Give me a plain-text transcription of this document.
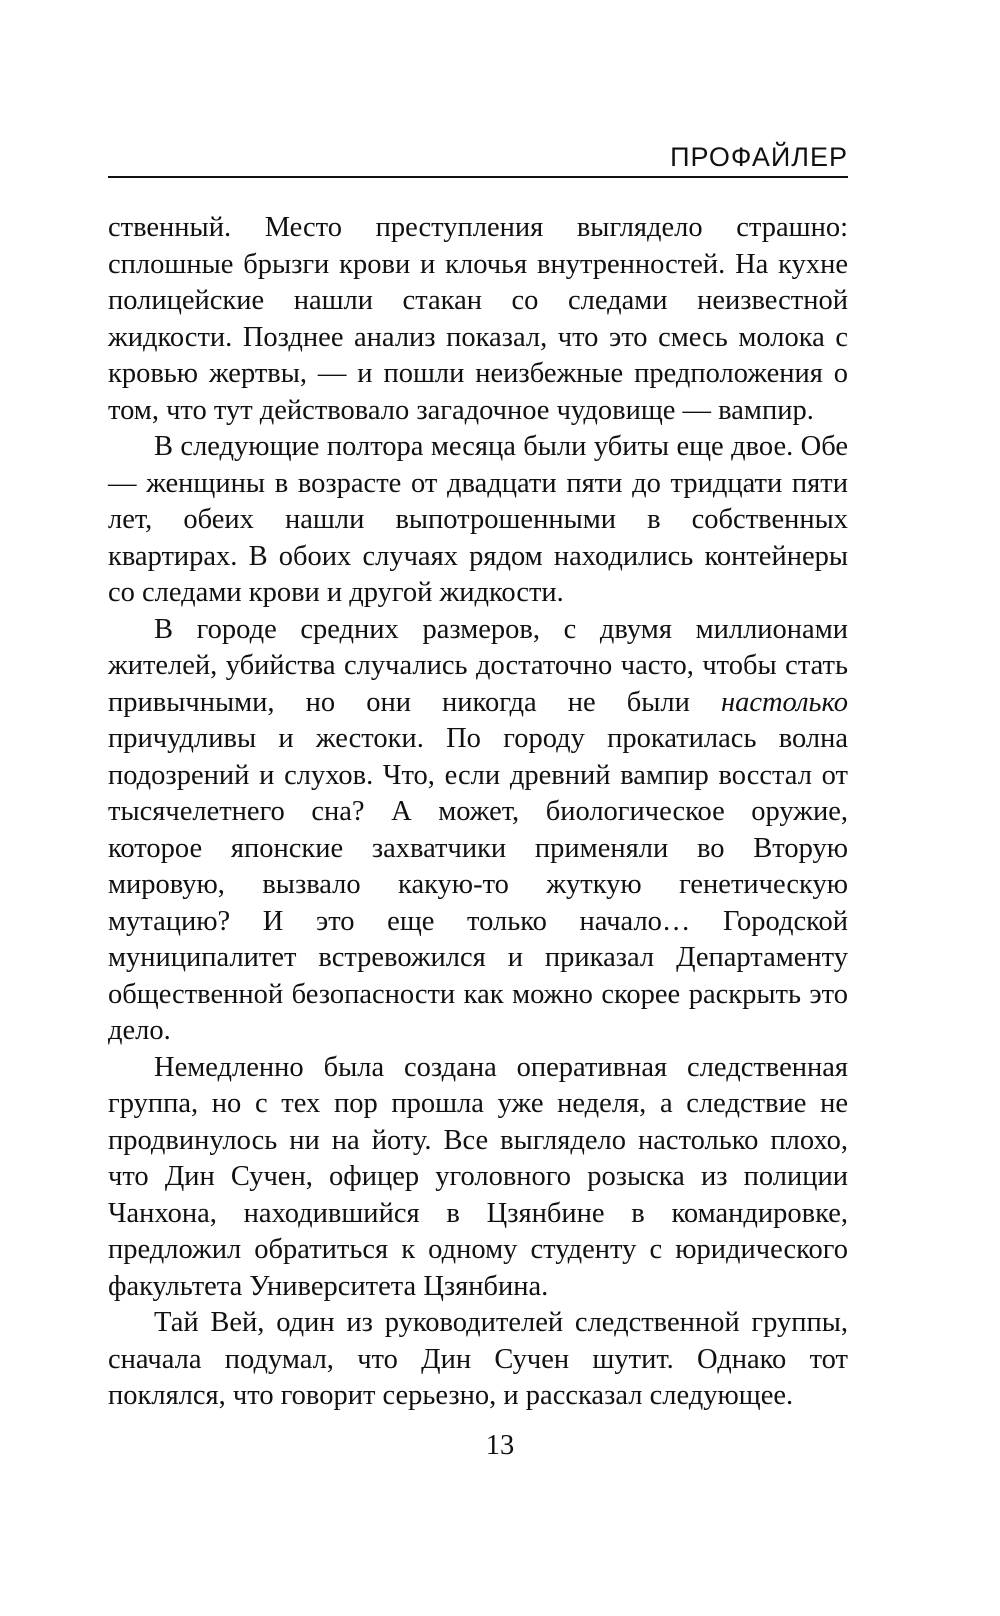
ПРОФАЙЛЕР

ственный. Место преступления выглядело страшно: сплошные брызги крови и клочья внутренностей. На кухне полицейские нашли стакан со следами неизвестной жидкости. Позднее анализ показал, что это смесь молока с кровью жертвы, — и пошли неизбежные предположения о том, что тут действовало загадочное чудовище — вампир.

В следующие полтора месяца были убиты еще двое. Обе — женщины в возрасте от двадцати пяти до тридцати пяти лет, обеих нашли выпотрошенными в собственных квартирах. В обоих случаях рядом находились контейнеры со следами крови и другой жидкости.

В городе средних размеров, с двумя миллионами жителей, убийства случались достаточно часто, чтобы стать привычными, но они никогда не были настолько причудливы и жестоки. По городу прокатилась волна подозрений и слухов. Что, если древний вампир восстал от тысячелетнего сна? А может, биологическое оружие, которое японские захватчики применяли во Вторую мировую, вызвало какую-то жуткую генетическую мутацию? И это еще только начало… Городской муниципалитет встревожился и приказал Департаменту общественной безопасности как можно скорее раскрыть это дело.

Немедленно была создана оперативная следственная группа, но с тех пор прошла уже неделя, а следствие не продвинулось ни на йоту. Все выглядело настолько плохо, что Дин Сучен, офицер уголовного розыска из полиции Чанхона, находившийся в Цзянбине в командировке, предложил обратиться к одному студенту с юридического факультета Университета Цзянбина.

Тай Вей, один из руководителей следственной группы, сначала подумал, что Дин Сучен шутит. Однако тот поклялся, что говорит серьезно, и рассказал следующее.

13
